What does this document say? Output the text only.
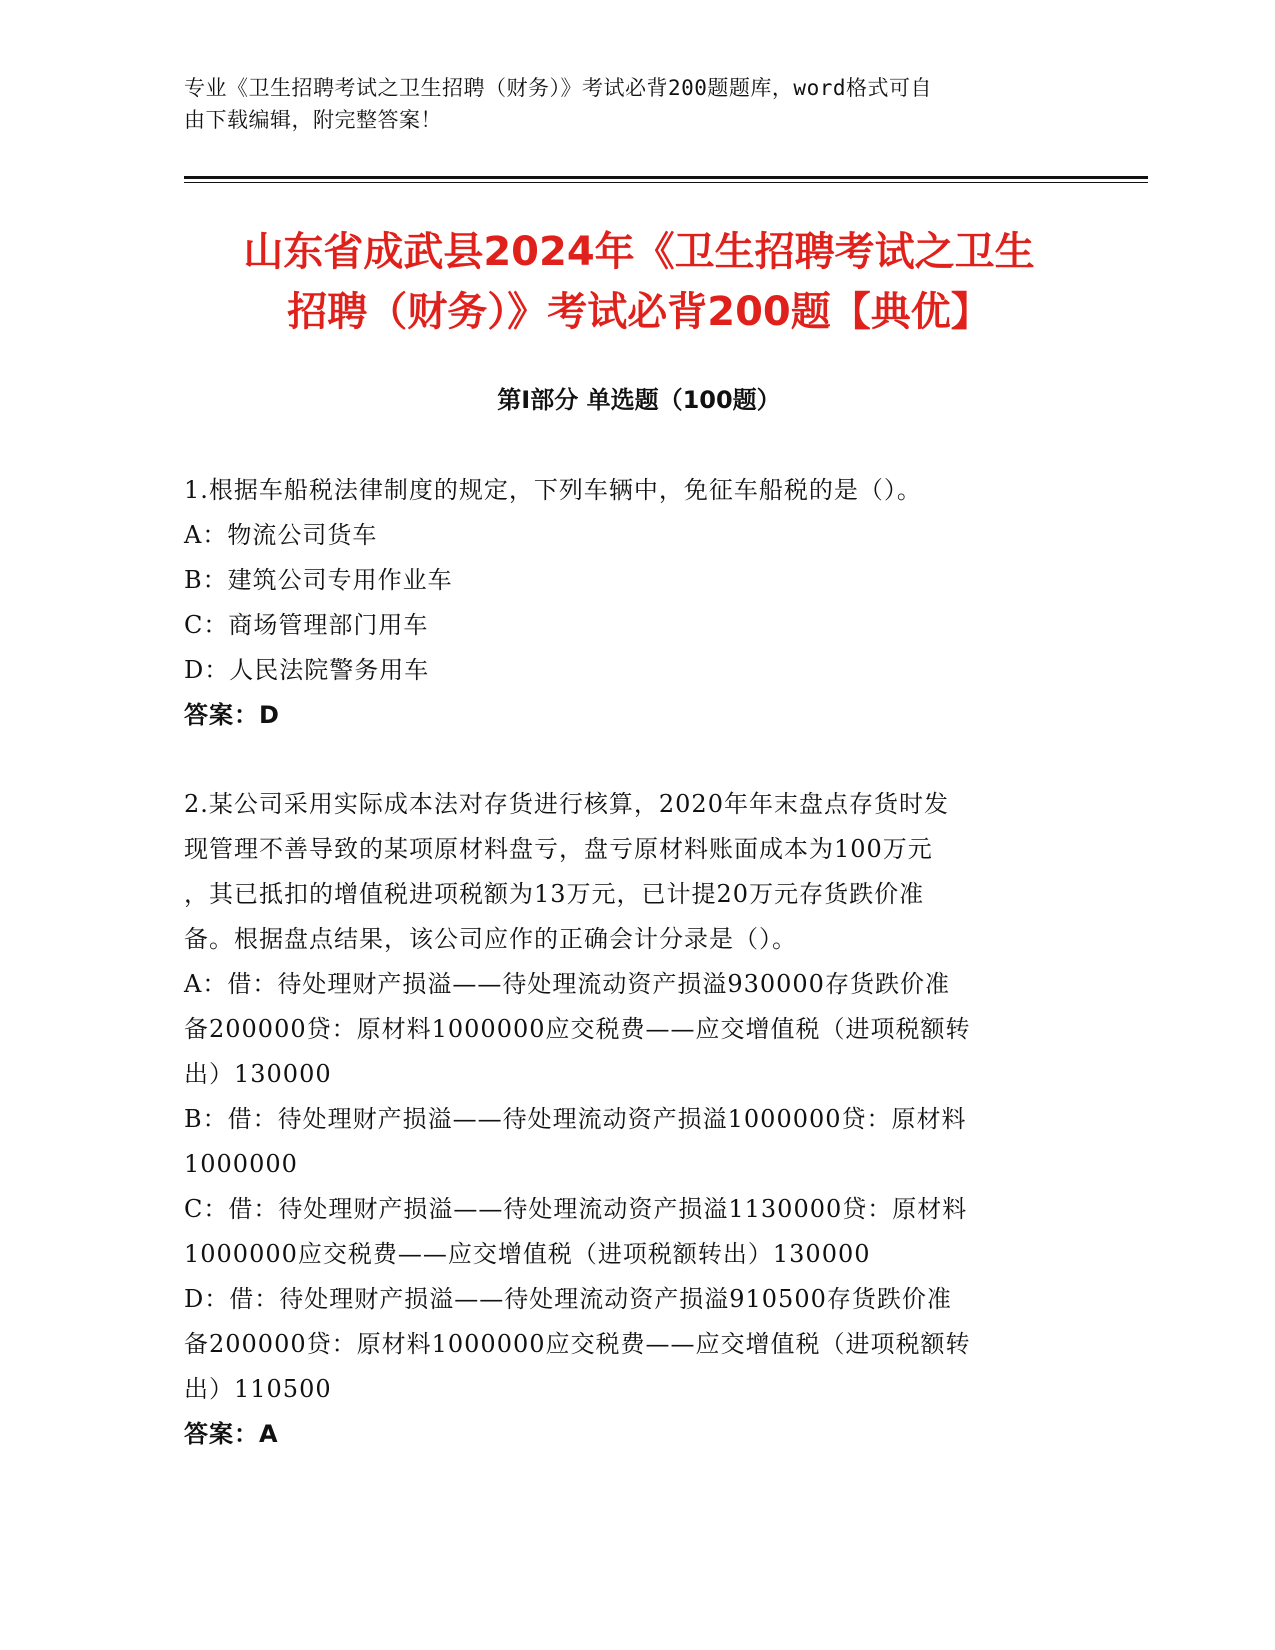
专业《卫生招聘考试之卫生招聘（财务）》考试必背200题题库，word格式可自
由下载编辑，附完整答案！
山东省成武县2024年《卫生招聘考试之卫生
招聘（财务）》考试必背200题【典优】
第I部分 单选题（100题）
1.根据车船税法律制度的规定，下列车辆中，免征车船税的是（）。
A：物流公司货车
B：建筑公司专用作业车
C：商场管理部门用车
D：人民法院警务用车
答案：D
2.某公司采用实际成本法对存货进行核算，2020年年末盘点存货时发
现管理不善导致的某项原材料盘亏，盘亏原材料账面成本为100万元
，其已抵扣的增值税进项税额为13万元，已计提20万元存货跌价准
备。根据盘点结果，该公司应作的正确会计分录是（）。
A：借：待处理财产损溢——待处理流动资产损溢930000存货跌价准
备200000贷：原材料1000000应交税费——应交增值税（进项税额转
出）130000
B：借：待处理财产损溢——待处理流动资产损溢1000000贷：原材料
1000000
C：借：待处理财产损溢——待处理流动资产损溢1130000贷：原材料
1000000应交税费——应交增值税（进项税额转出）130000
D：借：待处理财产损溢——待处理流动资产损溢910500存货跌价准
备200000贷：原材料1000000应交税费——应交增值税（进项税额转
出）110500
答案：A
